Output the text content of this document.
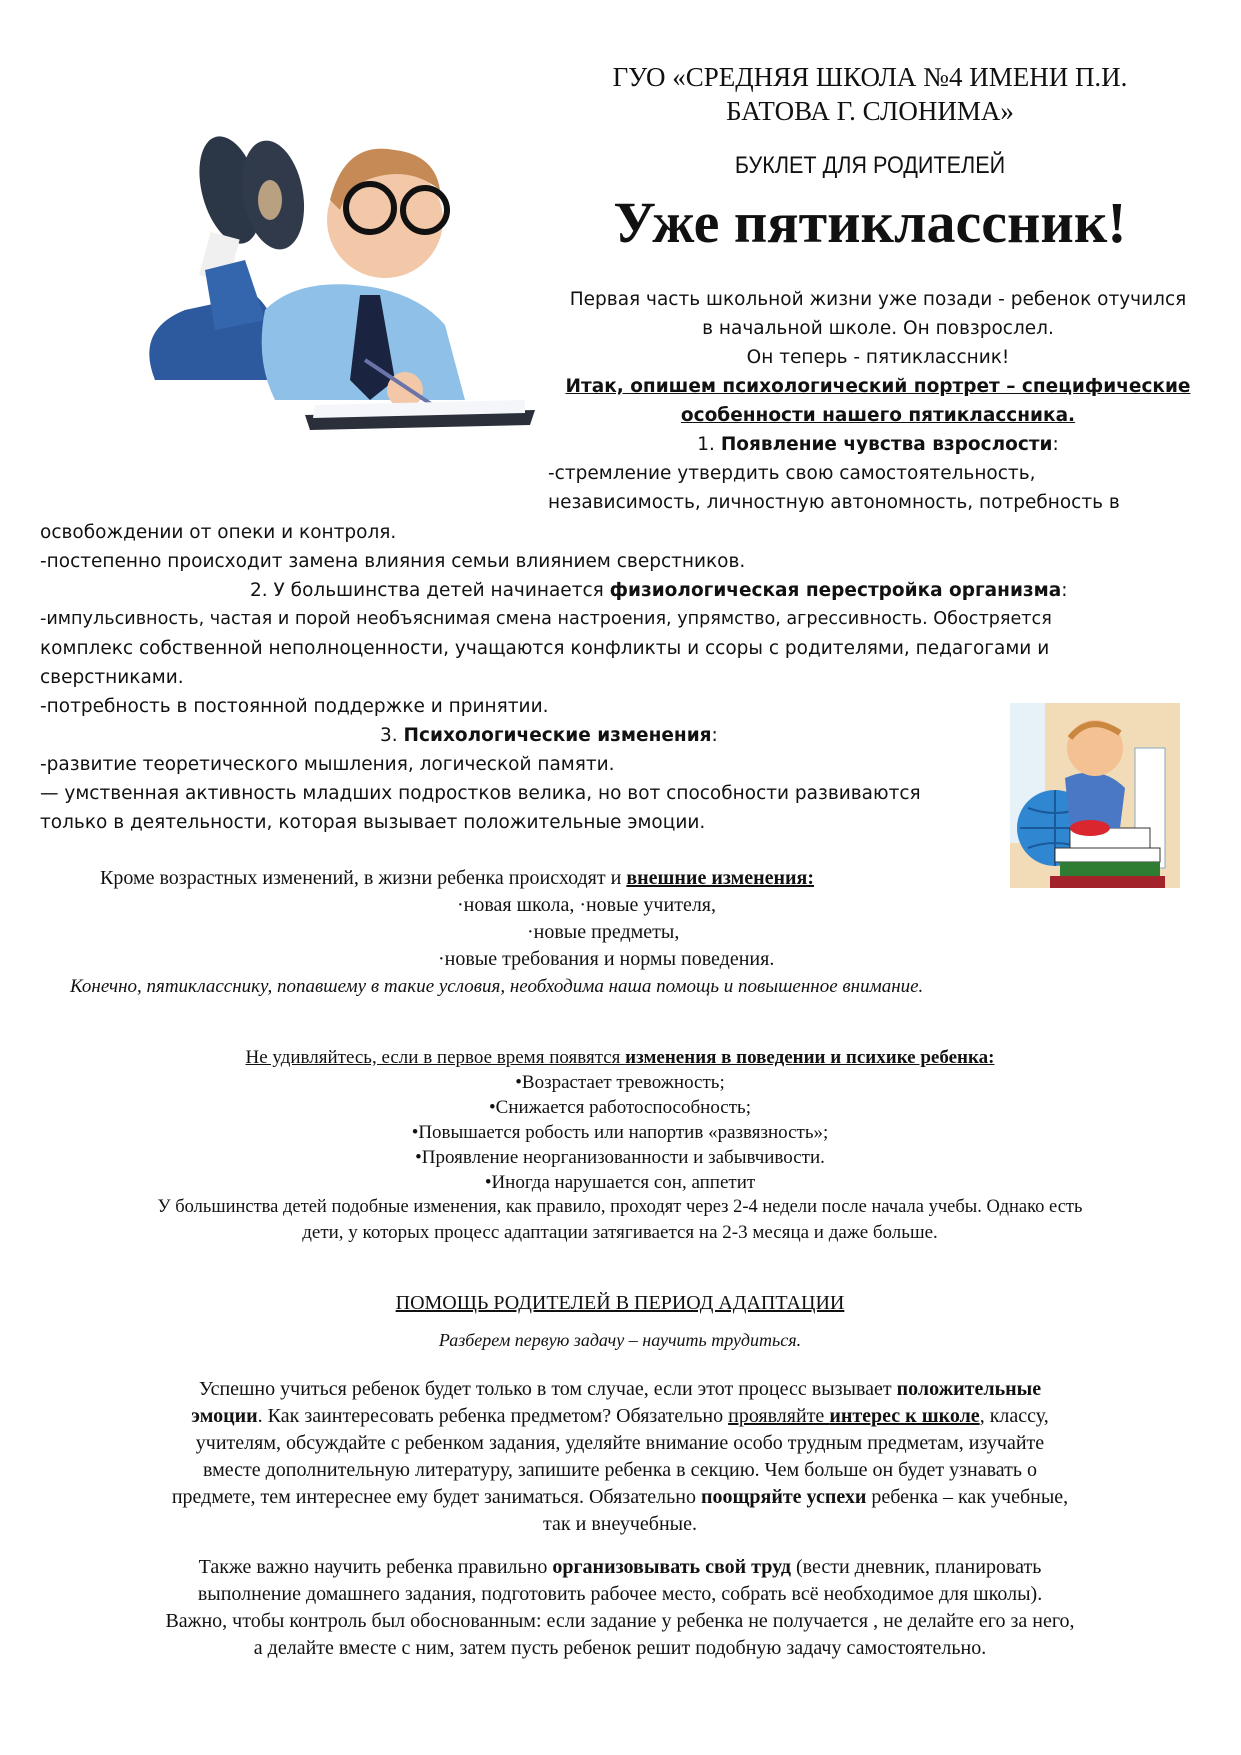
ГУО «СРЕДНЯЯ ШКОЛА №4 ИМЕНИ П.И.
БАТОВА Г. СЛОНИМА»
БУКЛЕТ ДЛЯ РОДИТЕЛЕЙ
Уже пятиклассник!
Первая часть школьной жизни уже позади - ребенок отучился
в начальной школе. Он повзрослел.
Он теперь - пятиклассник!
Итак, опишем психологический портрет – специфические
особенности нашего пятиклассника.
1. Появление чувства взрослости:
-стремление утвердить свою самостоятельность,
независимость, личностную автономность, потребность в
освобождении от опеки и контроля.
-постепенно происходит замена влияния семьи влиянием сверстников.
2. У большинства детей начинается физиологическая перестройка организма:
-импульсивность, частая и порой необъяснимая смена настроения, упрямство, агрессивность. Обостряется
комплекс собственной неполноценности, учащаются конфликты и ссоры с родителями, педагогами и
сверстниками.
-потребность в постоянной поддержке и принятии.
3. Психологические изменения:
-развитие теоретического мышления, логической памяти.
— умственная активность младших подростков велика, но вот способности развиваются
только в деятельности, которая вызывает положительные эмоции.
Кроме возрастных изменений, в жизни ребенка происходят и внешние изменения:
·новая школа, ·новые учителя,
·новые предметы,
·новые требования и нормы поведения.
Конечно, пятикласснику, попавшему в такие условия, необходима наша помощь и повышенное внимание.
Не удивляйтесь, если в первое время появятся изменения в поведении и психике ребенка:
•Возрастает тревожность;
•Снижается работоспособность;
•Повышается робость или напортив «развязность»;
•Проявление неорганизованности и забывчивости.
•Иногда нарушается сон, аппетит
У большинства детей подобные изменения, как правило, проходят через 2-4 недели после начала учебы. Однако есть
дети, у которых процесс адаптации затягивается на 2-3 месяца и даже больше.
ПОМОЩЬ РОДИТЕЛЕЙ В ПЕРИОД АДАПТАЦИИ
Разберем первую задачу – научить трудиться.
Успешно учиться ребенок будет только в том случае, если этот процесс вызывает положительные
эмоции. Как заинтересовать ребенка предметом? Обязательно проявляйте интерес к школе, классу,
учителям, обсуждайте с ребенком задания, уделяйте внимание особо трудным предметам, изучайте
вместе дополнительную литературу, запишите ребенка в секцию. Чем больше он будет узнавать о
предмете, тем интереснее ему будет заниматься. Обязательно поощряйте успехи ребенка – как учебные,
так и внеучебные.
Также важно научить ребенка правильно организовывать свой труд (вести дневник, планировать
выполнение домашнего задания, подготовить рабочее место, собрать всё необходимое для школы).
Важно, чтобы контроль был обоснованным: если задание у ребенка не получается , не делайте его за него,
а делайте вместе с ним, затем пусть ребенок решит подобную задачу самостоятельно.
